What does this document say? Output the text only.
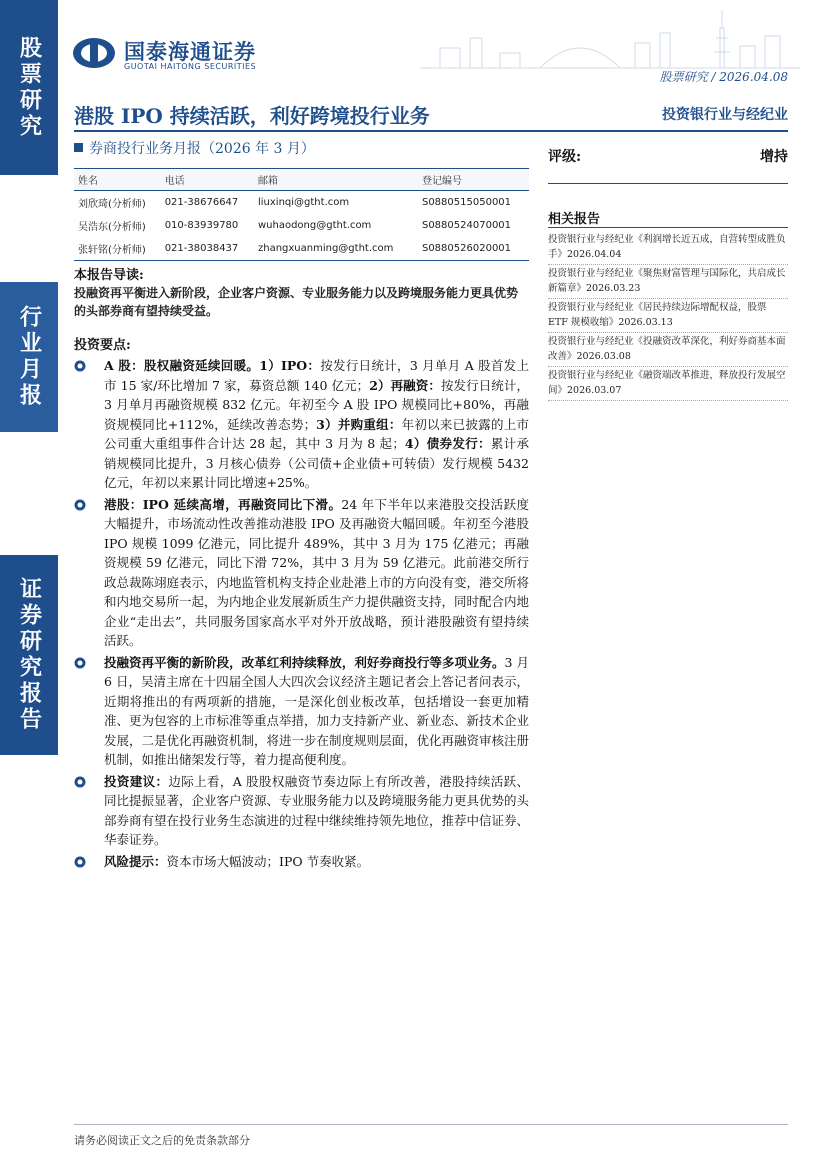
股票研究
行业月报
证券研究报告
国泰海通证券
GUOTAI HAITONG SECURITIES
股票研究 / 2026.04.08
港股 IPO 持续活跃，利好跨境投行业务	投资银行业与经纪业
券商投行业务月报（2026 年 3 月）
姓名	电话	邮箱	登记编号
刘欣琦(分析师)	021-38676647	liuxinqi@gtht.com	S0880515050001
吴浩东(分析师)	010-83939780	wuhaodong@gtht.com	S0880524070001
张轩铭(分析师)	021-38038437	zhangxuanming@gtht.com	S0880526020001
评级:	增持
相关报告
投资银行业与经纪业《利润增长近五成，自营转型成胜负手》2026.04.04
投资银行业与经纪业《聚焦财富管理与国际化，共启成长新篇章》2026.03.23
投资银行业与经纪业《居民持续边际增配权益，股票 ETF 规模收缩》2026.03.13
投资银行业与经纪业《投融资改革深化，利好券商基本面改善》2026.03.08
投资银行业与经纪业《融资端改革推进，释放投行发展空间》2026.03.07
本报告导读:
投融资再平衡进入新阶段，企业客户资源、专业服务能力以及跨境服务能力更具优势的头部券商有望持续受益。
投资要点:
A 股：股权融资延续回暖。1）IPO：按发行日统计，3 月单月 A 股首发上市 15 家/环比增加 7 家，募资总额 140 亿元；2）再融资：按发行日统计，3 月单月再融资规模 832 亿元。年初至今 A 股 IPO 规模同比+80%，再融资规模同比+112%，延续改善态势；3）并购重组：年初以来已披露的上市公司重大重组事件合计达 28 起，其中 3 月为 8 起；4）债券发行：累计承销规模同比提升，3 月核心债券（公司债+企业债+可转债）发行规模 5432 亿元，年初以来累计同比增速+25%。
港股：IPO 延续高增，再融资同比下滑。24 年下半年以来港股交投活跃度大幅提升，市场流动性改善推动港股 IPO 及再融资大幅回暖。年初至今港股 IPO 规模 1099 亿港元，同比提升 489%，其中 3 月为 175 亿港元；再融资规模 59 亿港元，同比下滑 72%，其中 3 月为 59 亿港元。此前港交所行政总裁陈翊庭表示，内地监管机构支持企业赴港上市的方向没有变，港交所将和内地交易所一起，为内地企业发展新质生产力提供融资支持，同时配合内地企业“走出去”，共同服务国家高水平对外开放战略，预计港股融资有望持续活跃。
投融资再平衡的新阶段，改革红利持续释放，利好券商投行等多项业务。3 月 6 日，吴清主席在十四届全国人大四次会议经济主题记者会上答记者问表示，近期将推出的有两项新的措施，一是深化创业板改革，包括增设一套更加精准、更为包容的上市标准等重点举措，加力支持新产业、新业态、新技术企业发展，二是优化再融资机制，将进一步在制度规则层面，优化再融资审核注册机制，如推出储架发行等，着力提高便利度。
投资建议：边际上看，A 股股权融资节奏边际上有所改善，港股持续活跃、同比提振显著，企业客户资源、专业服务能力以及跨境服务能力更具优势的头部券商有望在投行业务生态演进的过程中继续维持领先地位，推荐中信证券、华泰证券。
风险提示：资本市场大幅波动；IPO 节奏收紧。
请务必阅读正文之后的免责条款部分
